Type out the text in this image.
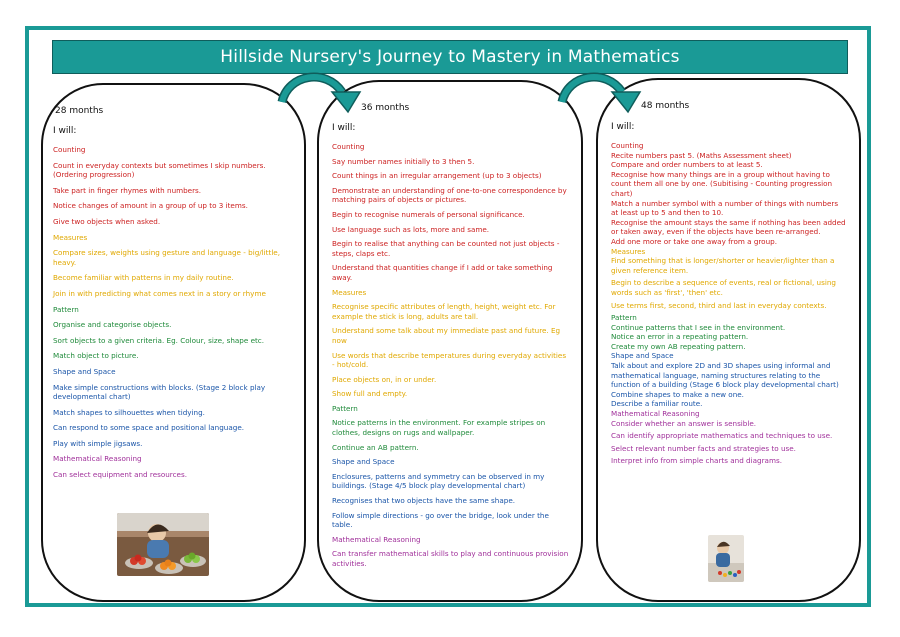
Hillside Nursery's Journey to Mastery in Mathematics
28 months
I will:
Counting
Count in everyday contexts but sometimes I skip numbers. (Ordering progression)
Take part in finger rhymes with numbers.
Notice changes of amount in a group of up to 3 items.
Give two objects when asked.
Measures
Compare sizes, weights using gesture and language - big/little, heavy.
Become familiar with patterns in my daily routine.
Join in with predicting what comes next in a story or rhyme
Pattern
Organise and categorise objects.
Sort objects to a given criteria. Eg. Colour, size, shape etc.
Match object to picture.
Shape and Space
Make simple constructions with blocks. (Stage 2 block play developmental chart)
Match shapes to silhouettes when tidying.
Can respond to some space and positional language.
Play with simple jigsaws.
Mathematical Reasoning
Can select equipment and resources.
36 months
I will:
Counting
Say number names initially to 3 then 5.
Count things in an irregular arrangement (up to 3 objects)
Demonstrate an understanding of one-to-one correspondence by matching pairs of objects or pictures.
Begin to recognise numerals of personal significance.
Use language such as lots, more and same.
Begin to realise that anything can be counted not just objects - steps, claps etc.
Understand that quantities change if I add or take something away.
Measures
Recognise specific attributes of length, height, weight etc. For example the stick is long, adults are tall.
Understand some talk about my immediate past and future. Eg now
Use words that describe temperatures during everyday activities - hot/cold.
Place objects on, in or under.
Show full and empty.
Pattern
Notice patterns in the environment. For example stripes on clothes, designs on rugs and wallpaper.
Continue an AB pattern.
Shape and Space
Enclosures, patterns and symmetry can be observed in my buildings. (Stage 4/5 block play developmental chart)
Recognises that two objects have the same shape.
Follow simple directions - go over the bridge, look under the table.
Mathematical Reasoning
Can transfer mathematical skills to play and continuous provision activities.
48 months
I will:
Counting
Recite numbers past 5. (Maths Assessment sheet)
Compare and order numbers to at least 5.
Recognise how many things are in a group without having to count them all one by one. (Subitising - Counting progression chart)
Match a number symbol with a number of things with numbers at least up to 5 and then to 10.
Recognise the amount stays the same if nothing has been added or taken away, even if the objects have been re-arranged.
Add one more or take one away from a group.
Measures
Find something that is longer/shorter or heavier/lighter than a given reference item.
Begin to describe a sequence of events, real or fictional, using words such as 'first', 'then' etc.
Use terms first, second, third and last in everyday contexts.
Pattern
Continue patterns that I see in the environment.
Notice an error in a repeating pattern.
Create my own AB repeating pattern.
Shape and Space
Talk about and explore 2D and 3D shapes using informal and mathematical language, naming structures relating to the function of a building (Stage 6 block play developmental chart)
Combine shapes to make a new one.
Describe a familiar route.
Mathematical Reasoning
Consider whether an answer is sensible.
Can identify appropriate mathematics and techniques to use.
Select relevant number facts and strategies to use.
Interpret info from simple charts and diagrams.
